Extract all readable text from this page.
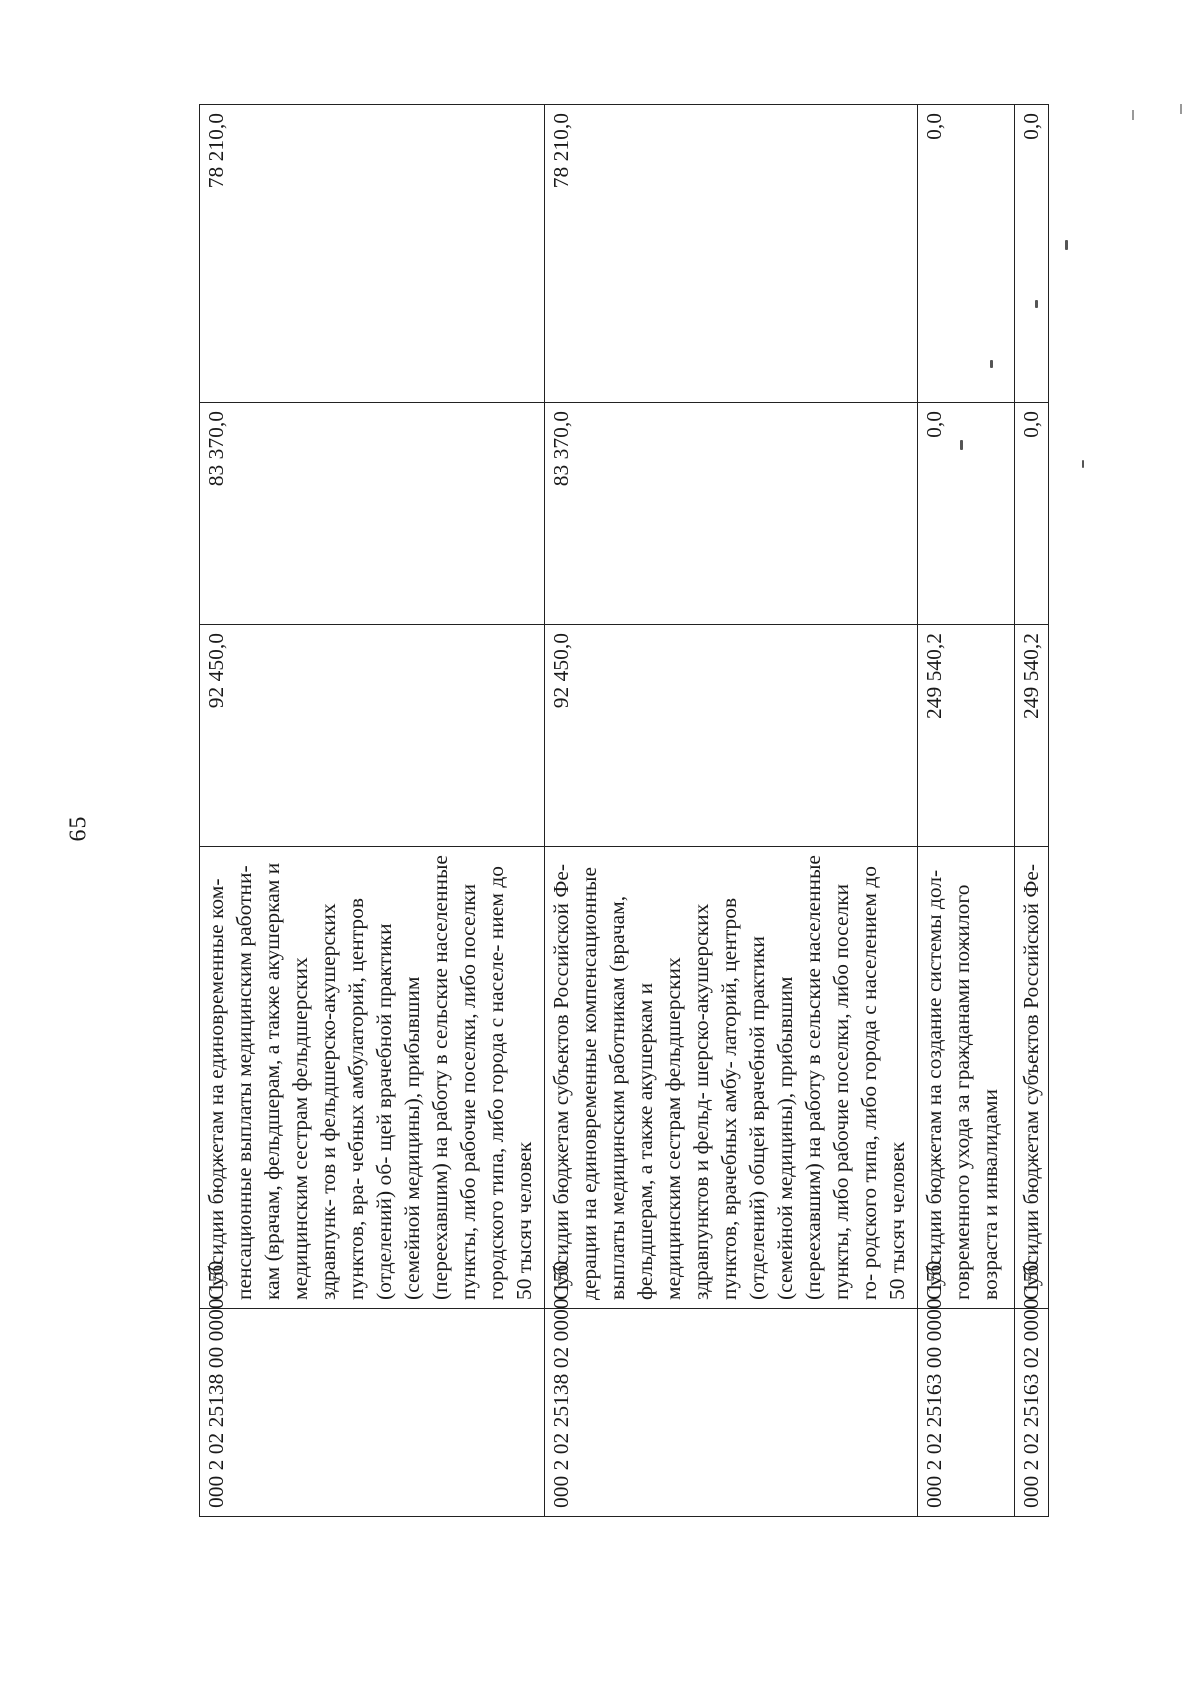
65
000 2 02 25138 00 0000 150	Субсидии бюджетам на единовременные ком- пенсационные выплаты медицинским работни- кам (врачам, фельдшерам, а также акушеркам и медицинским сестрам фельдшерских здравпунк- тов и фельдшерско-акушерских пунктов, вра- чебных амбулаторий, центров (отделений) об- щей врачебной практики (семейной медицины), прибывшим (переехавшим) на работу в сельские населенные пункты, либо рабочие поселки, либо поселки городского типа, либо города с населе- нием до 50 тысяч человек	92 450,0	83 370,0	78 210,0
000 2 02 25138 02 0000 150	Субсидии бюджетам субъектов Российской Фе- дерации на единовременные компенсационные выплаты медицинским работникам (врачам, фельдшерам, а также акушеркам и медицинским сестрам фельдшерских здравпунктов и фельд- шерско-акушерских пунктов, врачебных амбу- латорий, центров (отделений) общей врачебной практики (семейной медицины), прибывшим (переехавшим) на работу в сельские населенные пункты, либо рабочие поселки, либо поселки го- родского типа, либо города с населением до 50 тысяч человек	92 450,0	83 370,0	78 210,0
000 2 02 25163 00 0000 150	Субсидии бюджетам на создание системы дол- говременного ухода за гражданами пожилого возраста и инвалидами	249 540,2	0,0	0,0
000 2 02 25163 02 0000 150	Субсидии бюджетам субъектов Российской Фе-	249 540,2	0,0	0,0
